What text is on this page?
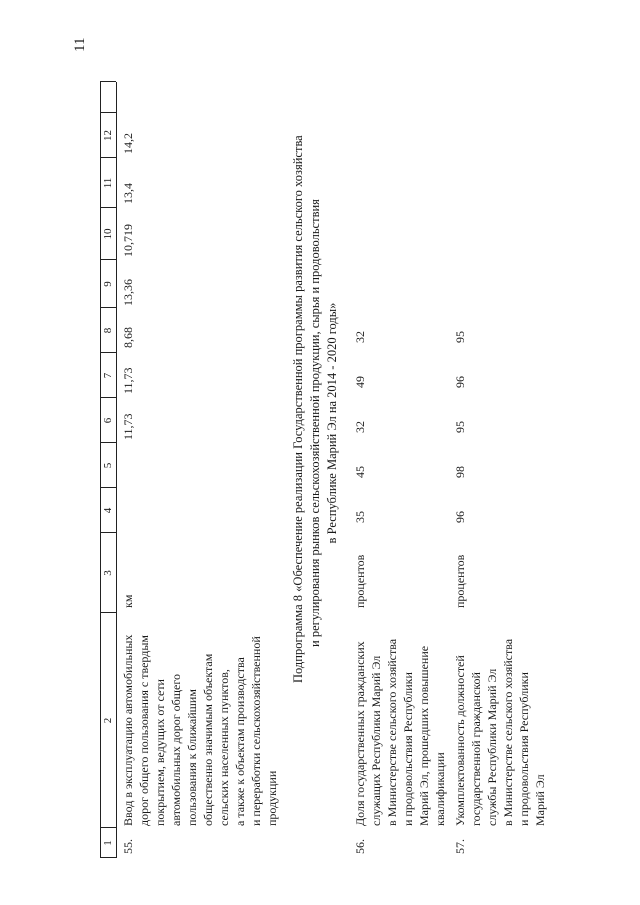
11
1
2
3
4
5
6
7
8
9
10
11
12
55.
Ввод в эксплуатацию автомобильных дорог общего пользования с твердым покрытием, ведущих от сети автомобильных дорог общего пользования к ближайшим общественно значимым объектам сельских населенных пунктов, а также к объектам производства и переработки сельскохозяйственной продукции
км
11,73
11,73
8,68
13,36
10,719
13,4
14,2	Подпрограмма 8 «Обеспечение реализации Государственной программы развития сельского хозяйства и регулирования рынков сельскохозяйственной продукции, сырья и продовольствия в Республике Марий Эл на 2014 - 2020 годы»
56.
Доля государственных гражданских служащих Республики Марий Эл в Министерстве сельского хозяйства и продовольствия Республики Марий Эл, прошедших повышение квалификации
процентов
35
45
32
49
32
57.
Укомплектованность должностей государственной гражданской службы Республики Марий Эл в Министерстве сельского хозяйства и продовольствия Республики Марий Эл
процентов
96
98
95
96
95
